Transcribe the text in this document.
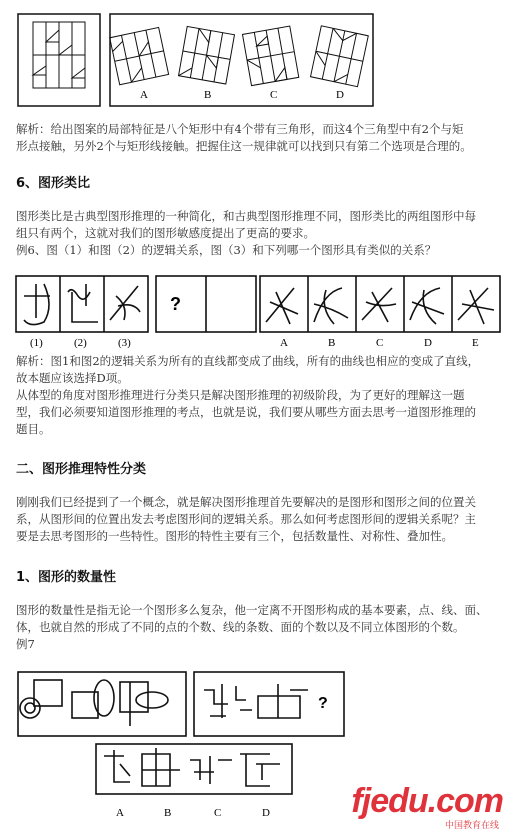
A	B	C	D
解析：给出图案的局部特征是八个矩形中有4个带有三角形，而这4个三角型中有2个与矩
形点接触，另外2个与矩形线接触。把握住这一规律就可以找到只有第二个选项是合理的。
6、图形类比
图形类比是古典型图形推理的一种简化，和古典型图形推理不同，图形类比的两组图形中每
组只有两个，这就对我们的图形敏感度提出了更高的要求。
例6、图（1）和图（2）的逻辑关系，图（3）和下列哪一个图形具有类似的关系？
?
(1)	(2)	(3)	A	B	C	D	E
解析：图1和图2的逻辑关系为所有的直线都变成了曲线，所有的曲线也相应的变成了直线，
故本题应该选择D项。
从体型的角度对图形推理进行分类只是解决图形推理的初级阶段，为了更好的理解这一题
型，我们必须要知道图形推理的考点，也就是说，我们要从哪些方面去思考一道图形推理的
题目。
二、图形推理特性分类
刚刚我们已经提到了一个概念，就是解决图形推理首先要解决的是图形和图形之间的位置关
系，从图形间的位置出发去考虑图形间的逻辑关系。那么如何考虑图形间的逻辑关系呢？主
要是去思考图形的一些特性。图形的特性主要有三个，包括数量性、对称性、叠加性。
1、图形的数量性
图形的数量性是指无论一个图形多么复杂，他一定离不开图形构成的基本要素，点、线、面、
体，也就自然的形成了不同的点的个数、线的条数、面的个数以及不同立体图形的个数。
例7
?
A	B	C	D fjedu.com
中国教育在线
